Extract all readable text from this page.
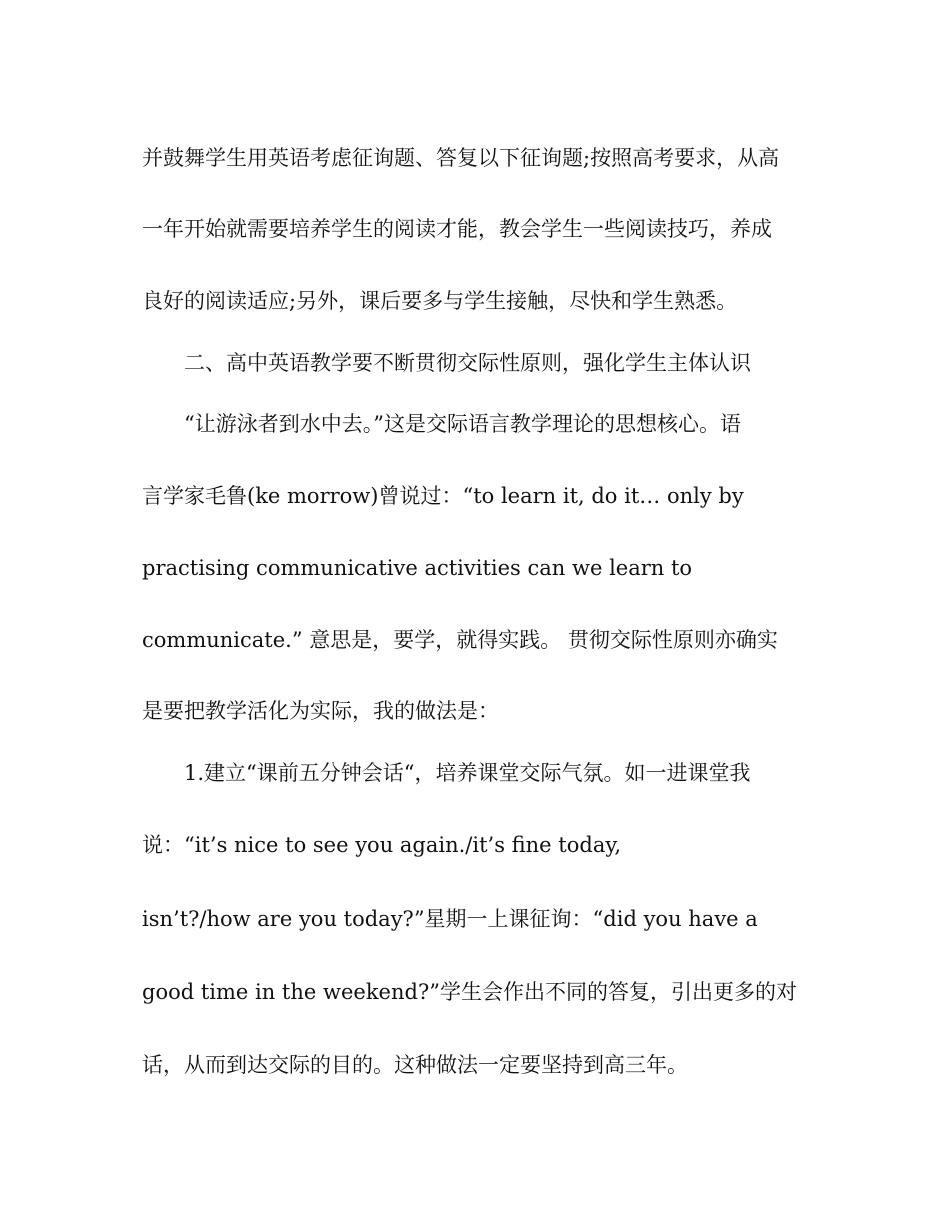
并鼓舞学生用英语考虑征询题、答复以下征询题;按照高考要求，从高
一年开始就需要培养学生的阅读才能，教会学生一些阅读技巧，养成
良好的阅读适应;另外，课后要多与学生接触，尽快和学生熟悉。
二、高中英语教学要不断贯彻交际性原则，强化学生主体认识
“让游泳者到水中去。”这是交际语言教学理论的思想核心。语
言学家毛鲁(ke morrow)曾说过：“to learn it, do it… only by
practising communicative activities can we learn to
communicate.” 意思是，要学，就得实践。 贯彻交际性原则亦确实
是要把教学活化为实际，我的做法是：
1.建立“课前五分钟会话“，培养课堂交际气氛。如一进课堂我
说：“it’s nice to see you again./it’s fine today,
isn’t?/how are you today?”星期一上课征询：“did you have a
good time in the weekend?”学生会作出不同的答复，引出更多的对
话，从而到达交际的目的。这种做法一定要坚持到高三年。
